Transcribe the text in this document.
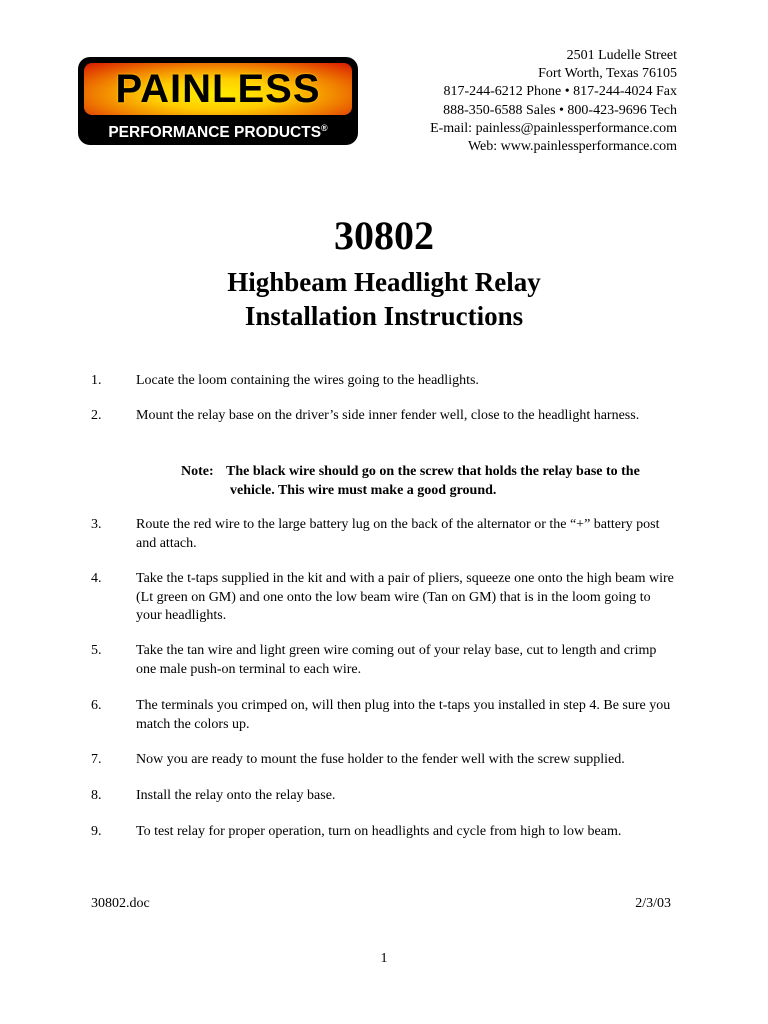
PAINLESS
PERFORMANCE PRODUCTS®
2501 Ludelle Street
Fort Worth, Texas 76105
817-244-6212 Phone • 817-244-4024 Fax
888-350-6588 Sales • 800-423-9696 Tech
E-mail: painless@painlessperformance.com
Web: www.painlessperformance.com
30802
Highbeam Headlight Relay
Installation Instructions
1. Locate the loom containing the wires going to the headlights.
2. Mount the relay base on the driver’s side inner fender well, close to the headlight harness.
Note: The black wire should go on the screw that holds the relay base to the
vehicle. This wire must make a good ground.
3. Route the red wire to the large battery lug on the back of the alternator or the “+” battery post and attach.
4. Take the t-taps supplied in the kit and with a pair of pliers, squeeze one onto the high beam wire (Lt green on GM) and one onto the low beam wire (Tan on GM) that is in the loom going to your headlights.
5. Take the tan wire and light green wire coming out of your relay base, cut to length and crimp one male push-on terminal to each wire.
6. The terminals you crimped on, will then plug into the t-taps you installed in step 4. Be sure you match the colors up.
7. Now you are ready to mount the fuse holder to the fender well with the screw supplied.
8. Install the relay onto the relay base.
9. To test relay for proper operation, turn on headlights and cycle from high to low beam.
30802.doc	2/3/03
1
